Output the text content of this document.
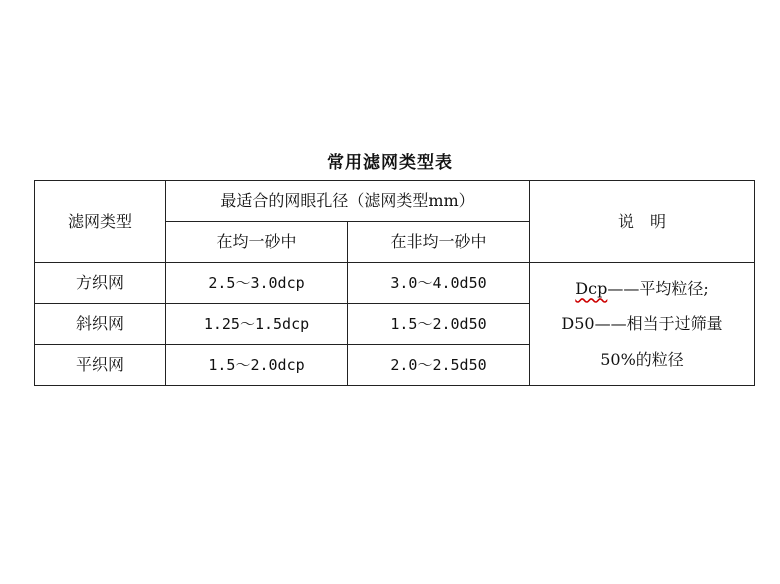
常用滤网类型表
滤网类型	最适合的网眼孔径（滤网类型mm）		说　明
	在均一砂中	在非均一砂中	
方织网	2.5～3.0dcp	3.0～4.0d50	Dcp——平均粒径;
D50——相当于过筛量
50%的粒径

斜织网	1.25～1.5dcp	1.5～2.0d50	
平织网	1.5～2.0dcp	2.0～2.5d50	
